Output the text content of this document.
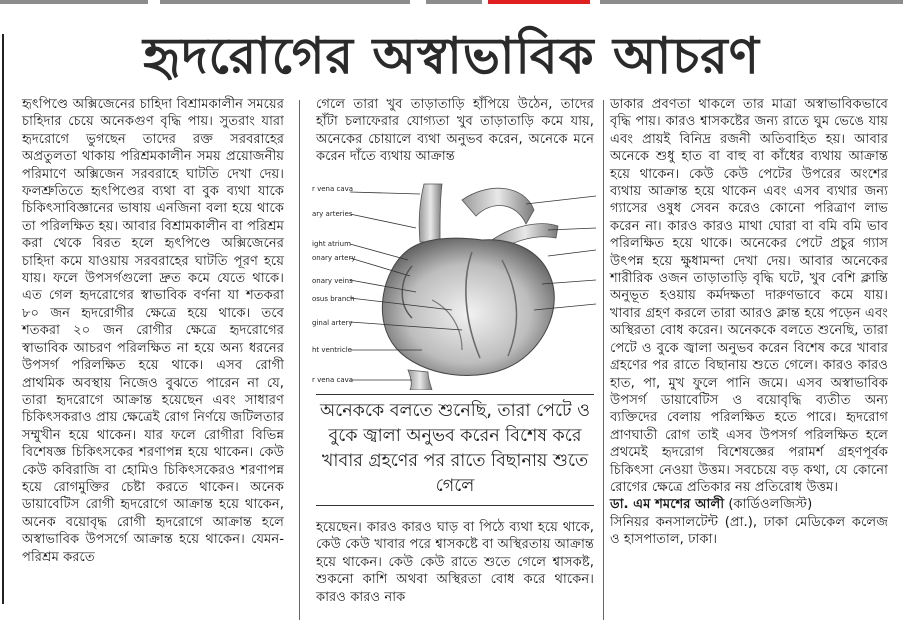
হৃদরোগের অস্বাভাবিক আচরণ

হৃৎপিণ্ডে অক্সিজেনের চাহিদা বিশ্রামকালীন সময়ের চাহিদার চেয়ে অনেকগুণ বৃদ্ধি পায়। সুতরাং যারা হৃদরোগে ভুগছেন তাদের রক্ত সরবরাহের অপ্রতুলতা থাকায় পরিশ্রমকালীন সময় প্রয়োজনীয় পরিমাণে অক্সিজেন সরবরাহে ঘাটতি দেখা দেয়। ফলশ্রুতিতে হৃৎপিণ্ডের ব্যথা বা বুক ব্যথা যাকে চিকিৎসাবিজ্ঞানের ভাষায় এনজিনা বলা হয়ে থাকে তা পরিলক্ষিত হয়। আবার বিশ্রামকালীন বা পরিশ্রম করা থেকে বিরত হলে হৃৎপিণ্ডে অক্সিজেনের চাহিদা কমে যাওয়ায় সরবরাহের ঘাটতি পূরণ হয়ে যায়। ফলে উপসর্গগুলো দ্রুত কমে যেতে থাকে। এত গেল হৃদরোগের স্বাভাবিক বর্ণনা যা শতকরা ৮০ জন হৃদরোগীর ক্ষেত্রে হয়ে থাকে। তবে শতকরা ২০ জন রোগীর ক্ষেত্রে হৃদরোগের স্বাভাবিক আচরণ পরিলক্ষিত না হয়ে অন্য ধরনের উপসর্গ পরিলক্ষিত হয়ে থাকে। এসব রোগী প্রাথমিক অবস্থায় নিজেও বুঝতে পারেন না যে, তারা হৃদরোগে আক্রান্ত হয়েছেন এবং সাধারণ চিকিৎসকরাও প্রায় ক্ষেত্রেই রোগ নির্ণয়ে জটিলতার সম্মুখীন হয়ে থাকেন। যার ফলে রোগীরা বিভিন্ন বিশেষজ্ঞ চিকিৎসকের শরণাপন্ন হয়ে থাকেন। কেউ কেউ কবিরাজি বা হোমিও চিকিৎসকেরও শরণাপন্ন হয়ে রোগমুক্তির চেষ্টা করতে থাকেন। অনেক ডায়াবেটিস রোগী হৃদরোগে আক্রান্ত হয়ে থাকেন, অনেক বয়োবৃদ্ধ রোগী হৃদরোগে আক্রান্ত হলে অস্বাভাবিক উপসর্গে আক্রান্ত হয়ে থাকেন। যেমন- পরিশ্রম করতে

গেলে তারা খুব তাড়াতাড়ি হাঁপিয়ে উঠেন, তাদের হাঁটা চলাফেরার যোগ্যতা খুব তাড়াতাড়ি কমে যায়, অনেকের চোয়ালে ব্যথা অনুভব করেন, অনেকে মনে করেন দাঁতে ব্যথায় আক্রান্ত

r vena cava
ary arteries
ight atrium
onary artery
onary veins
osus branch
ginal artery
ht ventricle
r vena cava

অনেককে বলতে শুনেছি, তারা পেটে ও বুকে জ্বালা অনুভব করেন বিশেষ করে খাবার গ্রহণের পর রাতে বিছানায় শুতে গেলে

হয়েছেন। কারও কারও ঘাড় বা পিঠে ব্যথা হয়ে থাকে, কেউ কেউ খাবার পরে শ্বাসকষ্টে বা অস্থিরতায় আক্রান্ত হয়ে থাকেন। কেউ কেউ রাতে শুতে গেলে শ্বাসকষ্ট, শুকনো কাশি অথবা অস্থিরতা বোধ করে থাকেন। কারও কারও নাক

ডাকার প্রবণতা থাকলে তার মাত্রা অস্বাভাবিকভাবে বৃদ্ধি পায়। কারও শ্বাসকষ্টের জন্য রাতে ঘুম ভেঙে যায় এবং প্রায়ই বিনিদ্র রজনী অতিবাহিত হয়। আবার অনেকে শুধু হাত বা বাহু বা কাঁধের ব্যথায় আক্রান্ত হয়ে থাকেন। কেউ কেউ পেটের উপরের অংশের ব্যথায় আক্রান্ত হয়ে থাকেন এবং এসব ব্যথার জন্য গ্যাসের ওষুধ সেবন করেও কোনো পরিত্রাণ লাভ করেন না। কারও কারও মাথা ঘোরা বা বমি বমি ভাব পরিলক্ষিত হয়ে থাকে। অনেকের পেটে প্রচুর গ্যাস উৎপন্ন হয়ে ক্ষুধামন্দা দেখা দেয়। আবার অনেকের শারীরিক ওজন তাড়াতাড়ি বৃদ্ধি ঘটে, খুব বেশি ক্লান্তি অনুভূত হওয়ায় কর্মদক্ষতা দারুণভাবে কমে যায়। খাবার গ্রহণ করলে তারা আরও ক্লান্ত হয়ে পড়েন এবং অস্থিরতা বোধ করেন। অনেককে বলতে শুনেছি, তারা পেটে ও বুকে জ্বালা অনুভব করেন বিশেষ করে খাবার গ্রহণের পর রাতে বিছানায় শুতে গেলে। কারও কারও হাত, পা, মুখ ফুলে পানি জমে। এসব অস্বাভাবিক উপসর্গ ডায়াবেটিস ও বয়োবৃদ্ধি ব্যতীত অন্য ব্যক্তিদের বেলায় পরিলক্ষিত হতে পারে। হৃদরোগ প্রাণঘাতী রোগ তাই এসব উপসর্গ পরিলক্ষিত হলে প্রথমেই হৃদরোগ বিশেষজ্ঞের পরামর্শ গ্রহণপূর্বক চিকিৎসা নেওয়া উত্তম। সবচেয়ে বড় কথা, যে কোনো রোগের ক্ষেত্রে প্রতিকার নয় প্রতিরোধ উত্তম।

ডা. এম শমশের আলী (কার্ডিওলজিস্ট)

সিনিয়র কনসালটেন্ট (প্রা.), ঢাকা মেডিকেল কলেজ ও হাসপাতাল, ঢাকা।
